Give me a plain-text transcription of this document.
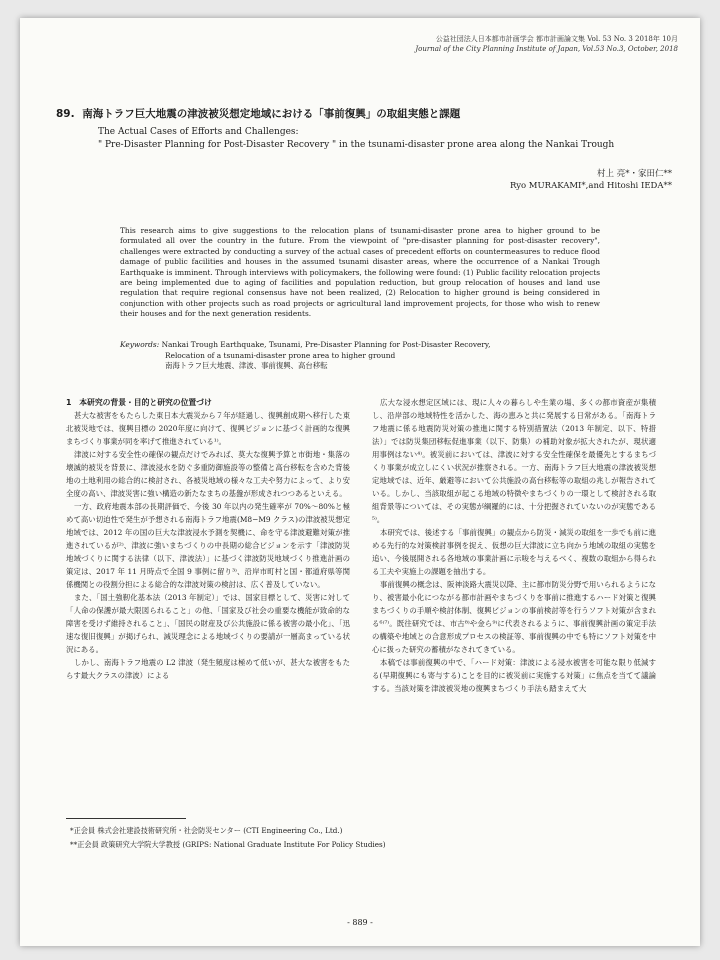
公益社団法人日本都市計画学会 都市計画論文集 Vol. 53 No. 3 2018年 10月
Journal of the City Planning Institute of Japan, Vol.53 No.3, October, 2018
89. 南海トラフ巨大地震の津波被災想定地域における「事前復興」の取組実態と課題
The Actual Cases of Efforts and Challenges:
" Pre-Disaster Planning for Post-Disaster Recovery " in the tsunami-disaster prone area along the Nankai Trough
村上 亮*・家田仁**
Ryo MURAKAMI*,and Hitoshi IEDA**
This research aims to give suggestions to the relocation plans of tsunami-disaster prone area to higher ground to be formulated all over the country in the future. From the viewpoint of "pre-disaster planning for post-disaster recovery", challenges were extracted by conducting a survey of the actual cases of precedent efforts on countermeasures to reduce flood damage of public facilities and houses in the assumed tsunami disaster areas, where the occurrence of a Nankai Trough Earthquake is imminent. Through interviews with policymakers, the following were found: (1) Public facility relocation projects are being implemented due to aging of facilities and population reduction, but group relocation of houses and land use regulation that require regional consensus have not been realized, (2) Relocation to higher ground is being considered in conjunction with other projects such as road projects or agricultural land improvement projects, for those who wish to renew their houses and for the next generation residents.
Keywords: Nankai Trough Earthquake, Tsunami, Pre-Disaster Planning for Post-Disaster Recovery,
Relocation of a tsunami-disaster prone area to higher ground
南海トラフ巨大地震、津波、事前復興、高台移転
1　本研究の背景・目的と研究の位置づけ

甚大な被害をもたらした東日本大震災から７年が経過し、復興創成期へ移行した東北被災地では、復興目標の 2020年度に向けて、復興ビジョンに基づく計画的な復興まちづくり事業が同を率げて推進されている¹⁾。

津波に対する安全性の確保の観点だけでみれば、莫大な復興予算と市街地・集落の壊滅的被災を背景に、津波浸水を防ぐ多重防御施設等の整備と高台移転を含めた背後地の土地利用の総合的に検討され、各被災地域の様々な工夫や努力によって、より安全度の高い、津波災害に強い構造の新たなまちの基盤が形成されつつあるといえる。

一方、政府地震本部の長期評価で、今後 30 年以内の発生確率が 70%〜80%と極めて高い切迫性で発生が予想される南海トラフ地震(M8−M9 クラス)の津波被災想定地域では、2012 年の国の巨大な津波浸水予測を契機に、命を守る津波避難対策が推進されているが²⁾、津波に強いまちづくりの中長期の総合ビジョンを示す「津波防災地域づくりに関する法律（以下、津波法）」に基づく津波防災地域づくり推進計画の策定は、2017 年 11 月時点で全国 9 事例に留り³⁾、沿岸市町村と国・都道府県等関係機関との役割分担による総合的な津波対策の検討は、広く普及していない。

また、「国土強靭化基本法（2013 年制定）」では、国家目標として、災害に対して「人命の保護が最大限図られること」の他、「国家及び社会の重要な機能が致命的な障害を受けず維持されること」、「国民の財産及び公共施設に係る被害の最小化」、「迅速な復旧復興」が掲げられ、減災理念による地域づくりの要請が一層高まっている状況にある。

しかし、南海トラフ地震の L2 津波（発生頻度は極めて低いが、甚大な被害をもたらす最大クラスの津波）による

広大な浸水想定区域には、現に人々の暮らしや生業の場、多くの都市資産が集積し、沿岸部の地域特性を活かした、海の恵みと共に発展する日常がある。「南海トラフ地震に係る地震防災対策の推進に関する特別措置法（2013 年制定、以下、特措法）」では防災集団移転促進事業（以下、防集）の補助対象が拡大されたが、現状適用事例はない⁴⁾。被災前においては、津波に対する安全性確保を最優先とするまちづくり事業が成立しにくい状況が推察される。一方、南海トラフ巨大地震の津波被災想定地域では、近年、厳避等において公共施設の高台移転等の取組の兆しが報告されている。しかし、当該取組が起こる地域の特徴やまちづくりの一環として検討される取組背景等については、その実態が綱羅的には、十分把握されていないのが実態である⁵⁾。

本研究では、後述する「事前復興」の観点から防災・減災の取組を一歩でも前に進める先行的な対策検討事例を捉え、仮想の巨大津波に立ち向かう地域の取組の実態を追い、今後展開される各地域の事業計画に示唆を与えるべく、複数の取組から得られる工夫や実施上の課題を抽出する。

事前復興の概念は、阪神淡路大震災以降、主に都市防災分野で用いられるようになり、被害最小化につながる都市計画やまちづくりを事前に推進するハード対策と復興まちづくりの手順や検討体制、復興ビジョンの事前検討等を行うソフト対策が含まれる⁶⁾⁷⁾。既往研究では、市古⁸⁾や金ら⁹⁾に代表されるように、事前復興計画の策定手法の構築や地域との合意形成プロセスの検証等、事前復興の中でも特にソフト対策を中心に扱った研究の蓄積がなされてきている。

本稿では事前復興の中で、「ハード対策：津波による浸水被害を可能な限り低減する(早期復興にも寄与する)ことを目的に被災前に実施する対策」に焦点を当てて議論する。当該対策を津波被災地の復興まちづくり手法も踏まえて大

*正会員 株式会社建設技術研究所・社会防災センター (CTI Engineering Co., Ltd.)
**正会員 政策研究大学院大学教授 (GRIPS: National Graduate Institute For Policy Studies)
- 889 -
